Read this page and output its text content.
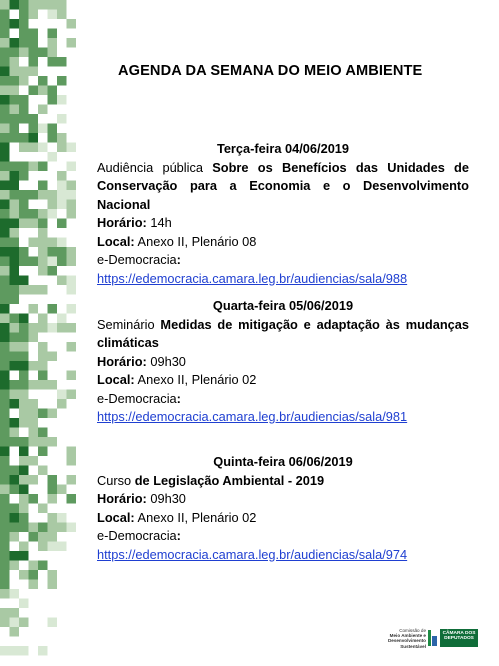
AGENDA DA SEMANA DO MEIO AMBIENTE
Terça-feira 04/06/2019
Audiência pública Sobre os Benefícios das Unidades de Conservação para a Economia e o Desenvolvimento Nacional
Horário: 14h
Local: Anexo II, Plenário 08
e-Democracia:
https://edemocracia.camara.leg.br/audiencias/sala/988
Quarta-feira 05/06/2019
Seminário Medidas de mitigação e adaptação às mudanças climáticas
Horário: 09h30
Local: Anexo II, Plenário 02
e-Democracia:
https://edemocracia.camara.leg.br/audiencias/sala/981
Quinta-feira 06/06/2019
Curso de Legislação Ambiental - 2019
Horário: 09h30
Local: Anexo II, Plenário 02
e-Democracia:
https://edemocracia.camara.leg.br/audiencias/sala/974
Comissão de
Meio Ambiente e
Desenvolvimento Sustentável
CÂMARA DOS
DEPUTADOS
